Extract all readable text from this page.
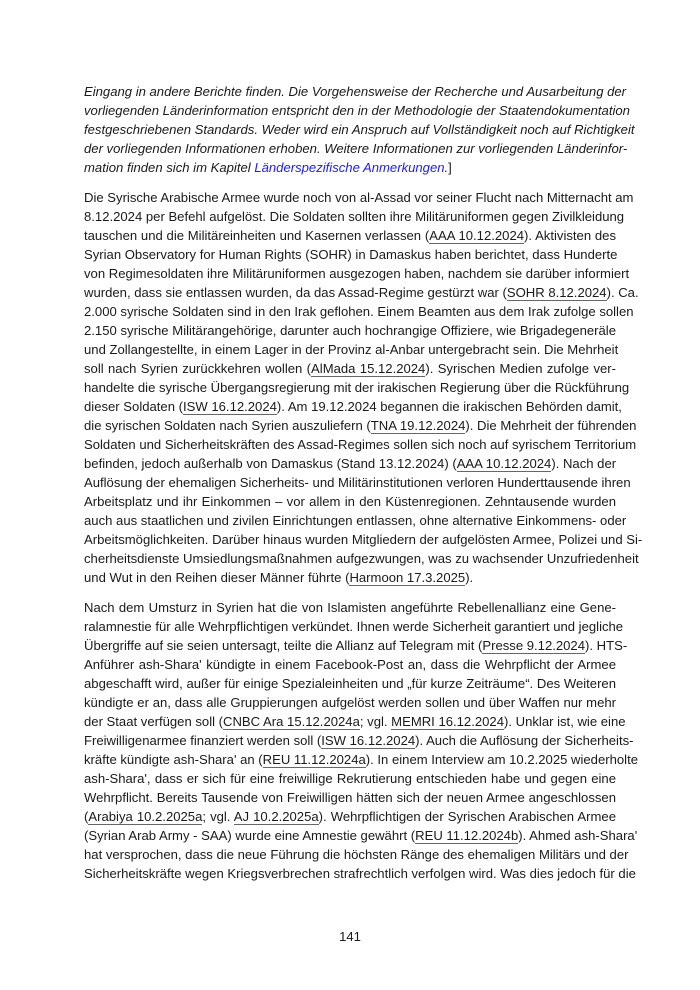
Eingang in andere Berichte finden. Die Vorgehensweise der Recherche und Ausarbeitung der
vorliegenden Länderinformation entspricht den in der Methodologie der Staatendokumentation
festgeschriebenen Standards. Weder wird ein Anspruch auf Vollständigkeit noch auf Richtigkeit
der vorliegenden Informationen erhoben. Weitere Informationen zur vorliegenden Länderinfor-
mation finden sich im Kapitel Länderspezifische Anmerkungen.]
Die Syrische Arabische Armee wurde noch von al-Assad vor seiner Flucht nach Mitternacht am
8.12.2024 per Befehl aufgelöst. Die Soldaten sollten ihre Militäruniformen gegen Zivilkleidung
tauschen und die Militäreinheiten und Kasernen verlassen (AAA 10.12.2024). Aktivisten des
Syrian Observatory for Human Rights (SOHR) in Damaskus haben berichtet, dass Hunderte
von Regimesoldaten ihre Militäruniformen ausgezogen haben, nachdem sie darüber informiert
wurden, dass sie entlassen wurden, da das Assad-Regime gestürzt war (SOHR 8.12.2024). Ca.
2.000 syrische Soldaten sind in den Irak geflohen. Einem Beamten aus dem Irak zufolge sollen
2.150 syrische Militärangehörige, darunter auch hochrangige Offiziere, wie Brigadegeneräle
und Zollangestellte, in einem Lager in der Provinz al-Anbar untergebracht sein. Die Mehrheit
soll nach Syrien zurückkehren wollen (AlMada 15.12.2024). Syrischen Medien zufolge ver-
handelte die syrische Übergangsregierung mit der irakischen Regierung über die Rückführung
dieser Soldaten (ISW 16.12.2024). Am 19.12.2024 begannen die irakischen Behörden damit,
die syrischen Soldaten nach Syrien auszuliefern (TNA 19.12.2024). Die Mehrheit der führenden
Soldaten und Sicherheitskräften des Assad-Regimes sollen sich noch auf syrischem Territorium
befinden, jedoch außerhalb von Damaskus (Stand 13.12.2024) (AAA 10.12.2024). Nach der
Auflösung der ehemaligen Sicherheits- und Militärinstitutionen verloren Hunderttausende ihren
Arbeitsplatz und ihr Einkommen – vor allem in den Küstenregionen. Zehntausende wurden
auch aus staatlichen und zivilen Einrichtungen entlassen, ohne alternative Einkommens- oder
Arbeitsmöglichkeiten. Darüber hinaus wurden Mitgliedern der aufgelösten Armee, Polizei und Si-
cherheitsdienste Umsiedlungsmaßnahmen aufgezwungen, was zu wachsender Unzufriedenheit
und Wut in den Reihen dieser Männer führte (Harmoon 17.3.2025).
Nach dem Umsturz in Syrien hat die von Islamisten angeführte Rebellenallianz eine Gene-
ralamnestie für alle Wehrpflichtigen verkündet. Ihnen werde Sicherheit garantiert und jegliche
Übergriffe auf sie seien untersagt, teilte die Allianz auf Telegram mit (Presse 9.12.2024). HTS-
Anführer ash-Shara' kündigte in einem Facebook-Post an, dass die Wehrpflicht der Armee
abgeschafft wird, außer für einige Spezialeinheiten und „für kurze Zeiträume“. Des Weiteren
kündigte er an, dass alle Gruppierungen aufgelöst werden sollen und über Waffen nur mehr
der Staat verfügen soll (CNBC Ara 15.12.2024a; vgl. MEMRI 16.12.2024). Unklar ist, wie eine
Freiwilligenarmee finanziert werden soll (ISW 16.12.2024). Auch die Auflösung der Sicherheits-
kräfte kündigte ash-Shara' an (REU 11.12.2024a). In einem Interview am 10.2.2025 wiederholte
ash-Shara', dass er sich für eine freiwillige Rekrutierung entschieden habe und gegen eine
Wehrpflicht. Bereits Tausende von Freiwilligen hätten sich der neuen Armee angeschlossen
(Arabiya 10.2.2025a; vgl. AJ 10.2.2025a). Wehrpflichtigen der Syrischen Arabischen Armee
(Syrian Arab Army - SAA) wurde eine Amnestie gewährt (REU 11.12.2024b). Ahmed ash-Shara'
hat versprochen, dass die neue Führung die höchsten Ränge des ehemaligen Militärs und der
Sicherheitskräfte wegen Kriegsverbrechen strafrechtlich verfolgen wird. Was dies jedoch für die
141
